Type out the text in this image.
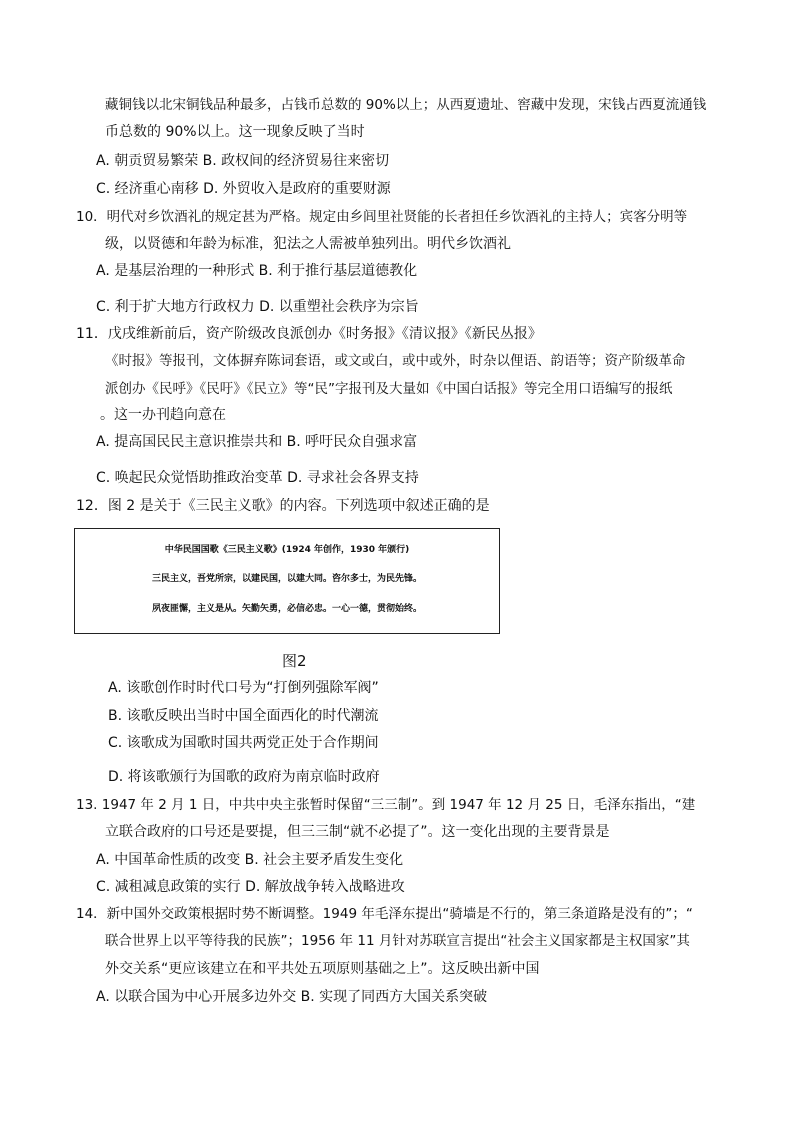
藏铜钱以北宋铜钱品种最多，占钱币总数的 90%以上；从西夏遗址、窖藏中发现，宋钱占西夏流通钱
币总数的 90%以上。这一现象反映了当时
A. 朝贡贸易繁荣 B. 政权间的经济贸易往来密切
C. 经济重心南移 D. 外贸收入是政府的重要财源
10．明代对乡饮酒礼的规定甚为严格。规定由乡闾里社贤能的长者担任乡饮酒礼的主持人；宾客分明等
级，以贤德和年龄为标准，犯法之人需被单独列出。明代乡饮酒礼
A. 是基层治理的一种形式 B. 利于推行基层道德教化
C. 利于扩大地方行政权力 D. 以重塑社会秩序为宗旨
11．戊戌维新前后，资产阶级改良派创办《时务报》《清议报》《新民丛报》
《时报》等报刊，文体摒弃陈词套语，或文或白，或中或外，时杂以俚语、韵语等；资产阶级革命
派创办《民呼》《民吁》《民立》等“民”字报刊及大量如《中国白话报》等完全用口语编写的报纸
。这一办刊趋向意在
A. 提高国民民主意识推崇共和 B. 呼吁民众自强求富
C. 唤起民众觉悟助推政治变革 D. 寻求社会各界支持
12．图 2 是关于《三民主义歌》的内容。下列选项中叙述正确的是
中华民国国歌《三民主义歌》(1924 年创作，1930 年颁行)
三民主义，吾党所宗，以建民国，以建大同。咨尔多士，为民先锋。
夙夜匪懈，主义是从。矢勤矢勇，必信必忠。一心一德，贯彻始终。
图2
A. 该歌创作时时代口号为“打倒列强除军阀”
B. 该歌反映出当时中国全面西化的时代潮流
C. 该歌成为国歌时国共两党正处于合作期间
D. 将该歌颁行为国歌的政府为南京临时政府
13. 1947 年 2 月 1 日，中共中央主张暂时保留“三三制”。到 1947 年 12 月 25 日，毛泽东指出，“建
立联合政府的口号还是要提，但三三制“就不必提了”。这一变化出现的主要背景是
A. 中国革命性质的改变 B. 社会主要矛盾发生变化
C. 减租减息政策的实行 D. 解放战争转入战略进攻
14．新中国外交政策根据时势不断调整。1949 年毛泽东提出“骑墙是不行的，第三条道路是没有的”；“
联合世界上以平等待我的民族”；1956 年 11 月针对苏联宣言提出“社会主义国家都是主权国家”其
外交关系“更应该建立在和平共处五项原则基础之上”。这反映出新中国
A. 以联合国为中心开展多边外交 B. 实现了同西方大国关系突破
